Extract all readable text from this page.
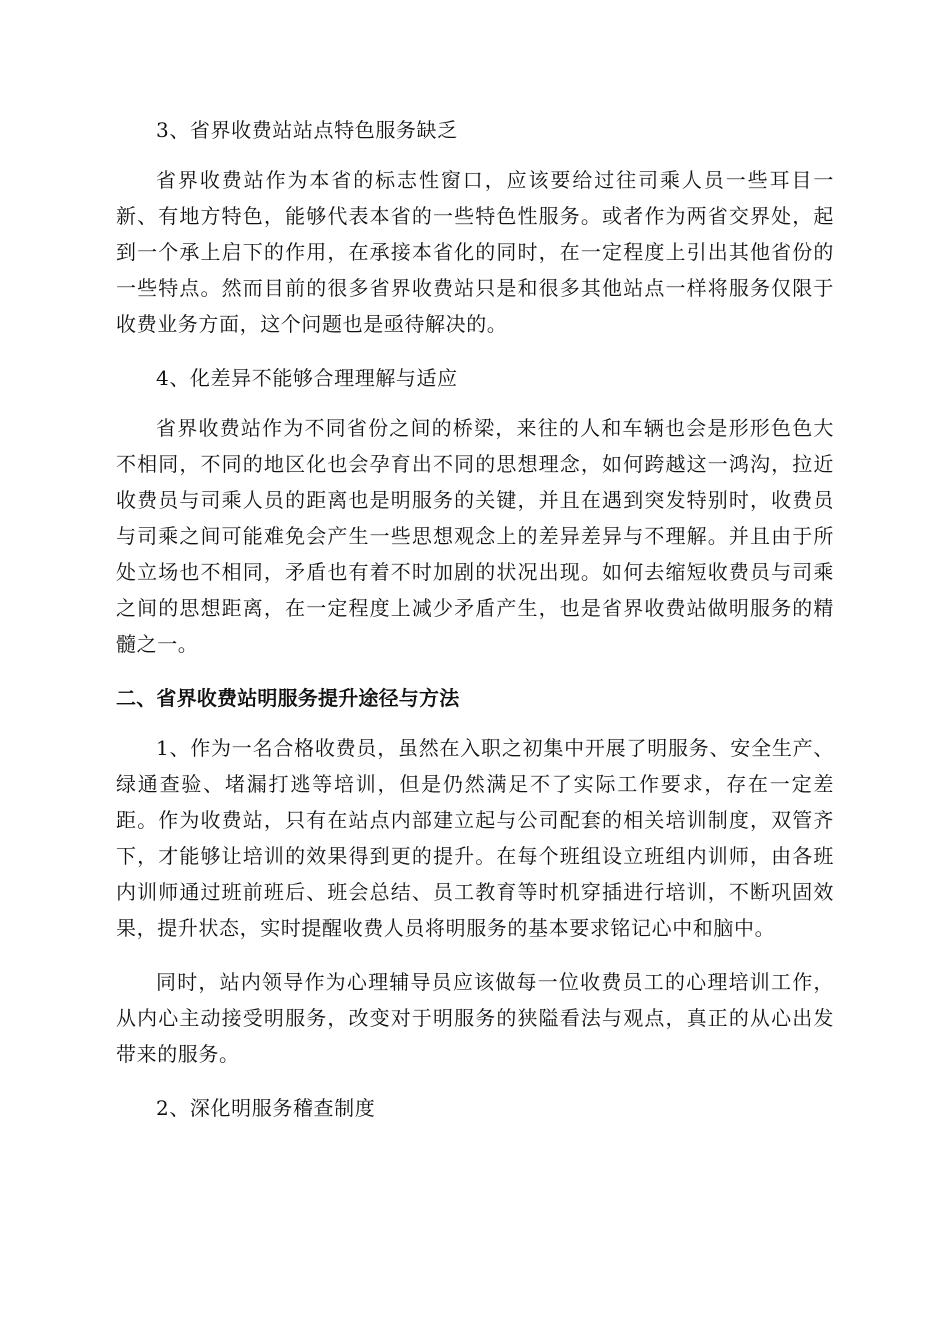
3、省界收费站站点特色服务缺乏

省界收费站作为本省的标志性窗口，应该要给过往司乘人员一些耳目一新、有地方特色，能够代表本省的一些特色性服务。或者作为两省交界处，起到一个承上启下的作用，在承接本省化的同时，在一定程度上引出其他省份的一些特点。然而目前的很多省界收费站只是和很多其他站点一样将服务仅限于收费业务方面，这个问题也是亟待解决的。

4、化差异不能够合理理解与适应

省界收费站作为不同省份之间的桥梁，来往的人和车辆也会是形形色色大不相同，不同的地区化也会孕育出不同的思想理念，如何跨越这一鸿沟，拉近收费员与司乘人员的距离也是明服务的关键，并且在遇到突发特别时，收费员与司乘之间可能难免会产生一些思想观念上的差异差异与不理解。并且由于所处立场也不相同，矛盾也有着不时加剧的状况出现。如何去缩短收费员与司乘之间的思想距离，在一定程度上减少矛盾产生，也是省界收费站做明服务的精髓之一。

二、省界收费站明服务提升途径与方法

1、作为一名合格收费员，虽然在入职之初集中开展了明服务、安全生产、绿通查验、堵漏打逃等培训，但是仍然满足不了实际工作要求，存在一定差距。作为收费站，只有在站点内部建立起与公司配套的相关培训制度，双管齐下，才能够让培训的效果得到更的提升。在每个班组设立班组内训师，由各班内训师通过班前班后、班会总结、员工教育等时机穿插进行培训，不断巩固效果，提升状态，实时提醒收费人员将明服务的基本要求铭记心中和脑中。

同时，站内领导作为心理辅导员应该做每一位收费员工的心理培训工作，从内心主动接受明服务，改变对于明服务的狭隘看法与观点，真正的从心出发带来的服务。

2、深化明服务稽查制度
